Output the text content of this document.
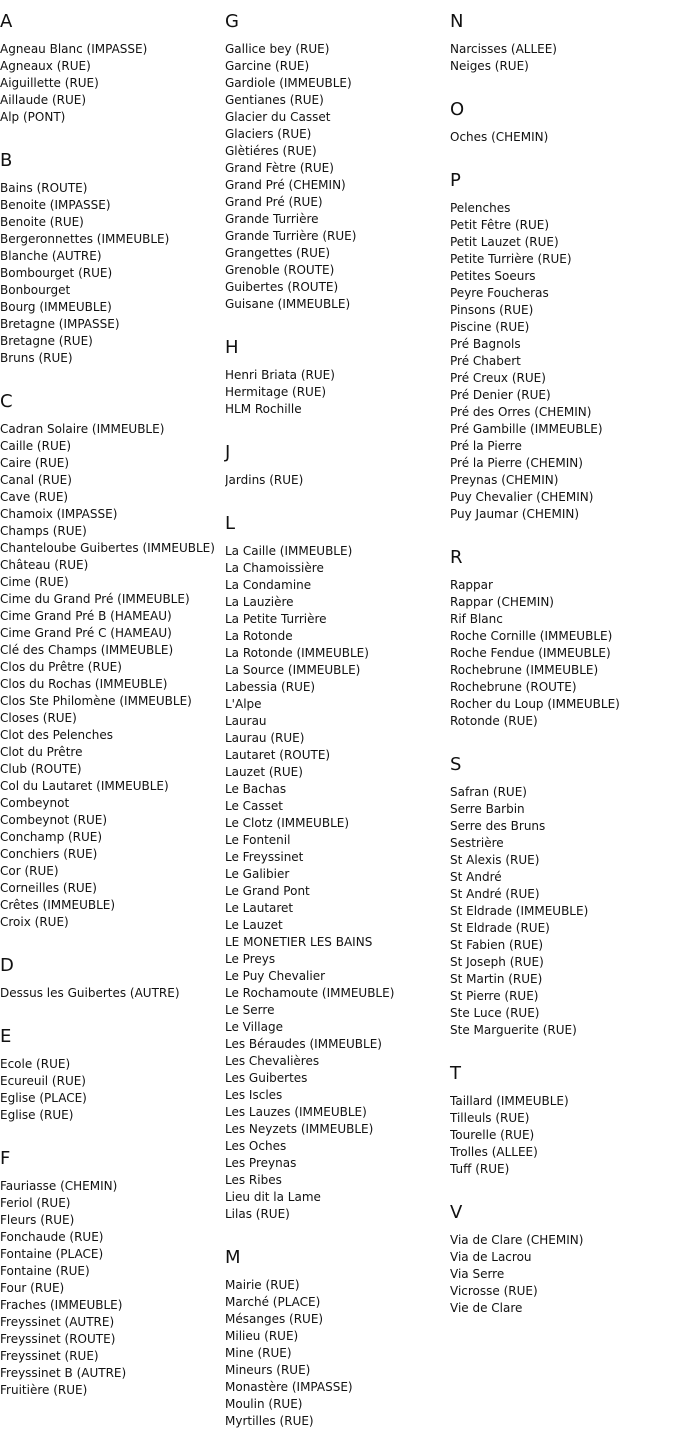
A
Agneau Blanc (IMPASSE)
Agneaux (RUE)
Aiguillette (RUE)
Aillaude (RUE)
Alp (PONT)
B
Bains (ROUTE)
Benoite (IMPASSE)
Benoite (RUE)
Bergeronnettes (IMMEUBLE)
Blanche (AUTRE)
Bombourget (RUE)
Bonbourget
Bourg (IMMEUBLE)
Bretagne (IMPASSE)
Bretagne (RUE)
Bruns (RUE)
C
Cadran Solaire (IMMEUBLE)
Caille (RUE)
Caire (RUE)
Canal (RUE)
Cave (RUE)
Chamoix (IMPASSE)
Champs (RUE)
Chanteloube Guibertes (IMMEUBLE)
Château (RUE)
Cime (RUE)
Cime du Grand Pré (IMMEUBLE)
Cime Grand Pré B (HAMEAU)
Cime Grand Pré C (HAMEAU)
Clé des Champs (IMMEUBLE)
Clos du Prêtre (RUE)
Clos du Rochas (IMMEUBLE)
Clos Ste Philomène (IMMEUBLE)
Closes (RUE)
Clot des Pelenches
Clot du Prêtre
Club (ROUTE)
Col du Lautaret (IMMEUBLE)
Combeynot
Combeynot (RUE)
Conchamp (RUE)
Conchiers (RUE)
Cor (RUE)
Corneilles (RUE)
Crêtes (IMMEUBLE)
Croix (RUE)
D
Dessus les Guibertes (AUTRE)
E
Ecole (RUE)
Ecureuil (RUE)
Eglise (PLACE)
Eglise (RUE)
F
Fauriasse (CHEMIN)
Feriol (RUE)
Fleurs (RUE)
Fonchaude (RUE)
Fontaine (PLACE)
Fontaine (RUE)
Four (RUE)
Fraches (IMMEUBLE)
Freyssinet (AUTRE)
Freyssinet (ROUTE)
Freyssinet (RUE)
Freyssinet B (AUTRE)
Fruitière (RUE)
G
Gallice bey (RUE)
Garcine (RUE)
Gardiole (IMMEUBLE)
Gentianes (RUE)
Glacier du Casset
Glaciers (RUE)
Glètiéres (RUE)
Grand Fètre (RUE)
Grand Pré (CHEMIN)
Grand Pré (RUE)
Grande Turrière
Grande Turrière (RUE)
Grangettes (RUE)
Grenoble (ROUTE)
Guibertes (ROUTE)
Guisane (IMMEUBLE)
H
Henri Briata (RUE)
Hermitage (RUE)
HLM Rochille
J
Jardins (RUE)
L
La Caille (IMMEUBLE)
La Chamoissière
La Condamine
La Lauzière
La Petite Turrière
La Rotonde
La Rotonde (IMMEUBLE)
La Source (IMMEUBLE)
Labessia (RUE)
L'Alpe
Laurau
Laurau (RUE)
Lautaret (ROUTE)
Lauzet (RUE)
Le Bachas
Le Casset
Le Clotz (IMMEUBLE)
Le Fontenil
Le Freyssinet
Le Galibier
Le Grand Pont
Le Lautaret
Le Lauzet
LE MONETIER LES BAINS
Le Preys
Le Puy Chevalier
Le Rochamoute (IMMEUBLE)
Le Serre
Le Village
Les Béraudes (IMMEUBLE)
Les Chevalières
Les Guibertes
Les Iscles
Les Lauzes (IMMEUBLE)
Les Neyzets (IMMEUBLE)
Les Oches
Les Preynas
Les Ribes
Lieu dit la Lame
Lilas (RUE)
M
Mairie (RUE)
Marché (PLACE)
Mésanges (RUE)
Milieu (RUE)
Mine (RUE)
Mineurs (RUE)
Monastère (IMPASSE)
Moulin (RUE)
Myrtilles (RUE)
N
Narcisses (ALLEE)
Neiges (RUE)
O
Oches (CHEMIN)
P
Pelenches
Petit Fêtre (RUE)
Petit Lauzet (RUE)
Petite Turrière (RUE)
Petites Soeurs
Peyre Foucheras
Pinsons (RUE)
Piscine (RUE)
Pré Bagnols
Pré Chabert
Pré Creux (RUE)
Pré Denier (RUE)
Pré des Orres (CHEMIN)
Pré Gambille (IMMEUBLE)
Pré la Pierre
Pré la Pierre (CHEMIN)
Preynas (CHEMIN)
Puy Chevalier (CHEMIN)
Puy Jaumar (CHEMIN)
R
Rappar
Rappar (CHEMIN)
Rif Blanc
Roche Cornille (IMMEUBLE)
Roche Fendue (IMMEUBLE)
Rochebrune (IMMEUBLE)
Rochebrune (ROUTE)
Rocher du Loup (IMMEUBLE)
Rotonde (RUE)
S
Safran (RUE)
Serre Barbin
Serre des Bruns
Sestrière
St Alexis (RUE)
St André
St André (RUE)
St Eldrade (IMMEUBLE)
St Eldrade (RUE)
St Fabien (RUE)
St Joseph (RUE)
St Martin (RUE)
St Pierre (RUE)
Ste Luce (RUE)
Ste Marguerite (RUE)
T
Taillard (IMMEUBLE)
Tilleuls (RUE)
Tourelle (RUE)
Trolles (ALLEE)
Tuff (RUE)
V
Via de Clare (CHEMIN)
Via de Lacrou
Via Serre
Vicrosse (RUE)
Vie de Clare
